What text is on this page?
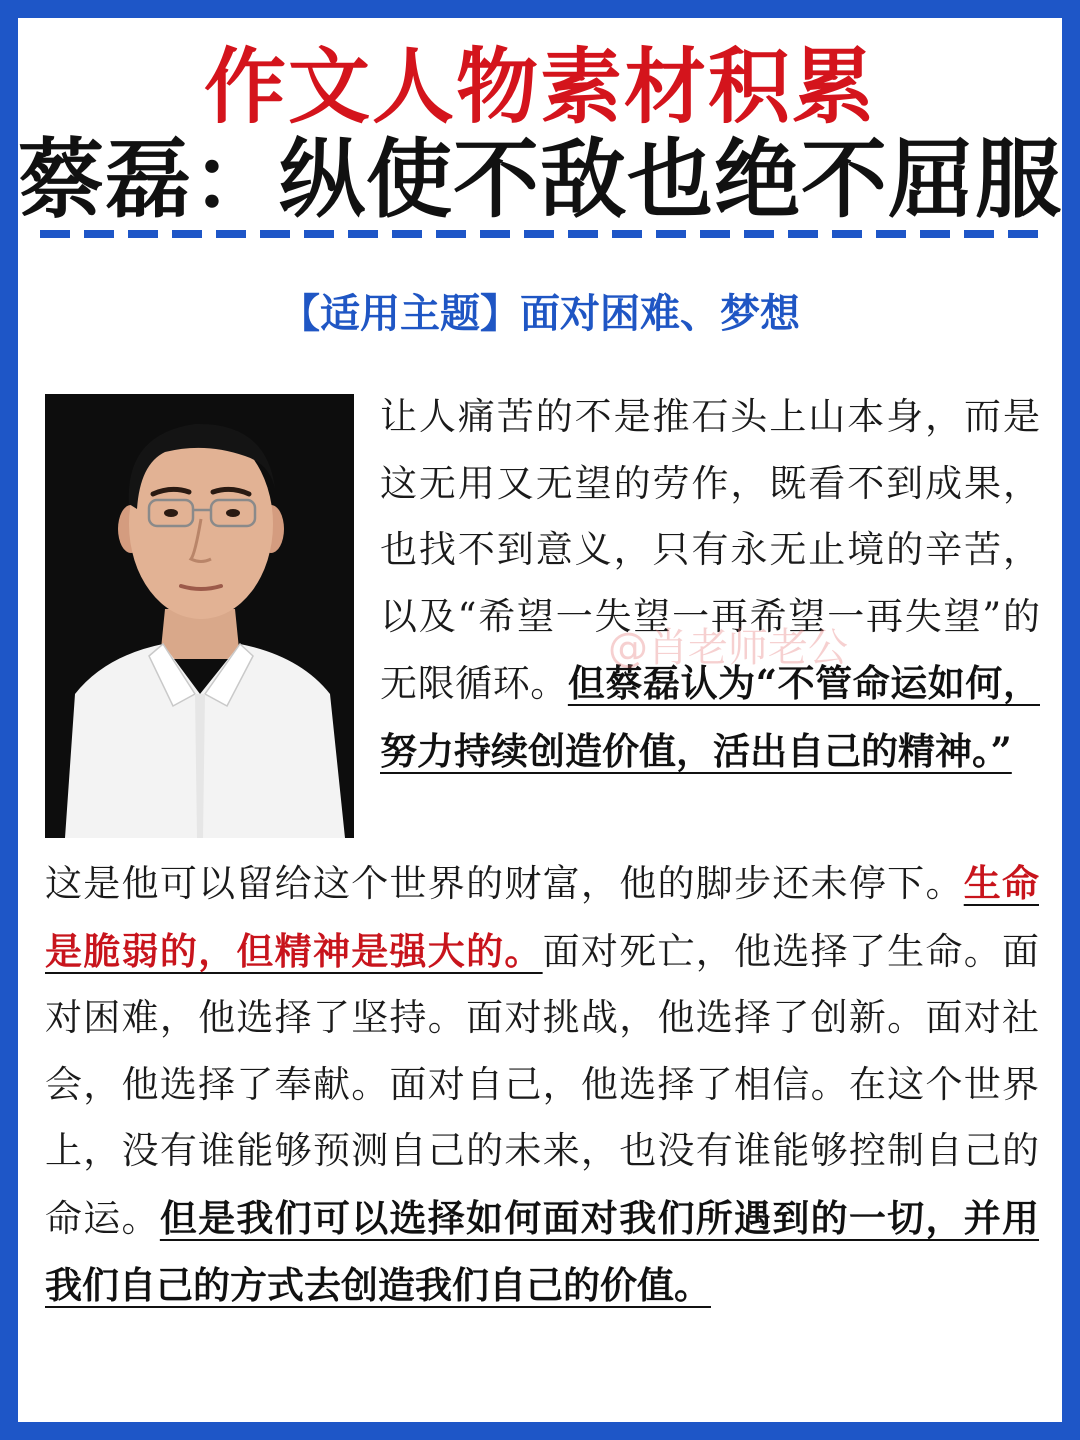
作文人物素材积累
蔡磊：纵使不敌也绝不屈服
【适用主题】面对困难、梦想
让人痛苦的不是推石头上山本身，而是这无用又无望的劳作，既看不到成果，也找不到意义，只有永无止境的辛苦，以及“希望一失望一再希望一再失望”的无限循环。但蔡磊认为“不管命运如何，努力持续创造价值，活出自己的精神。”
@肖老师老公
这是他可以留给这个世界的财富，他的脚步还未停下。生命是脆弱的，但精神是强大的。面对死亡，他选择了生命。面对困难，他选择了坚持。面对挑战，他选择了创新。面对社会，他选择了奉献。面对自己，他选择了相信。在这个世界上，没有谁能够预测自己的未来，也没有谁能够控制自己的命运。但是我们可以选择如何面对我们所遇到的一切，并用我们自己的方式去创造我们自己的价值。
